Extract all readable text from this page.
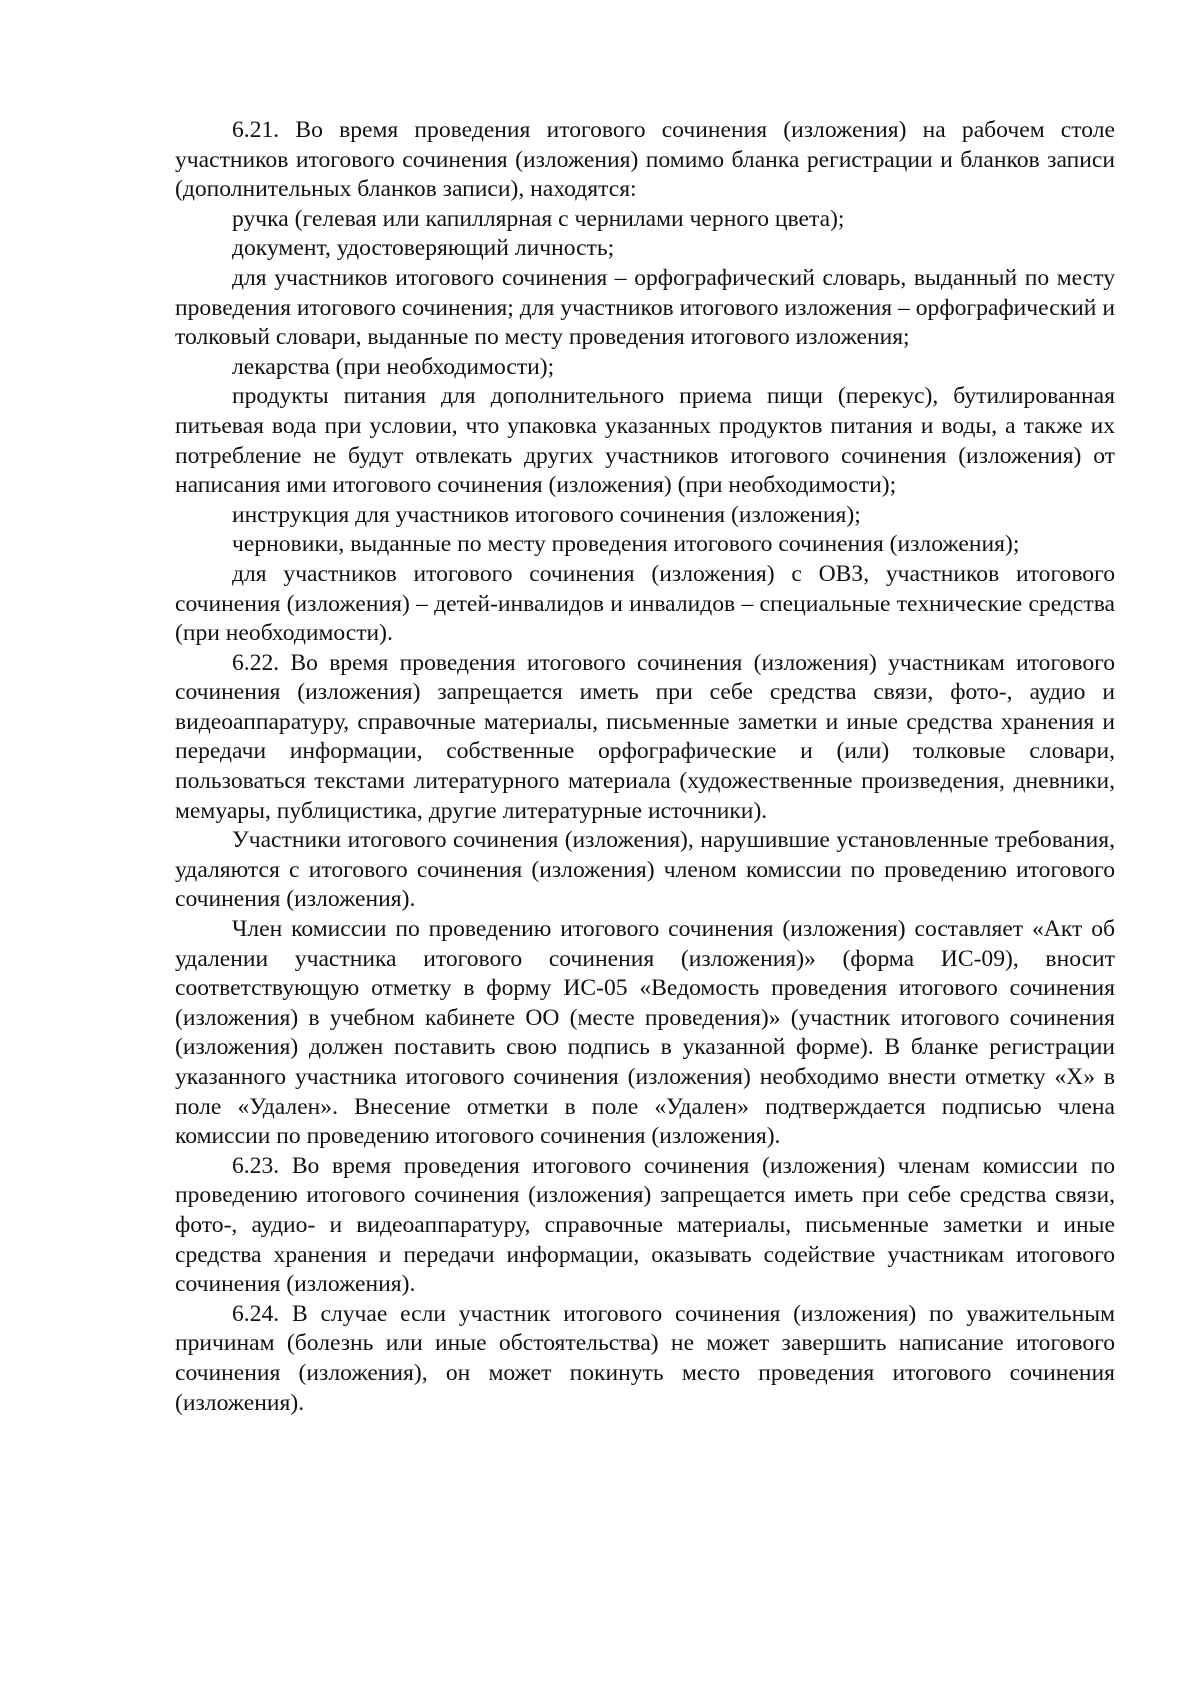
6.21. Во время проведения итогового сочинения (изложения) на рабочем столе участников итогового сочинения (изложения) помимо бланка регистрации и бланков записи (дополнительных бланков записи), находятся:

ручка (гелевая или капиллярная с чернилами черного цвета);

документ, удостоверяющий личность;

для участников итогового сочинения – орфографический словарь, выданный по месту проведения итогового сочинения; для участников итогового изложения – орфографический и толковый словари, выданные по месту проведения итогового изложения;

лекарства (при необходимости);

продукты питания для дополнительного приема пищи (перекус), бутилированная питьевая вода при условии, что упаковка указанных продуктов питания и воды, а также их потребление не будут отвлекать других участников итогового сочинения (изложения) от написания ими итогового сочинения (изложения) (при необходимости);

инструкция для участников итогового сочинения (изложения);

черновики, выданные по месту проведения итогового сочинения (изложения);

для участников итогового сочинения (изложения) с ОВЗ, участников итогового сочинения (изложения) – детей-инвалидов и инвалидов – специальные технические средства (при необходимости).

6.22. Во время проведения итогового сочинения (изложения) участникам итогового сочинения (изложения) запрещается иметь при себе средства связи, фото-, аудио и видеоаппаратуру, справочные материалы, письменные заметки и иные средства хранения и передачи информации, собственные орфографические и (или) толковые словари, пользоваться текстами литературного материала (художественные произведения, дневники, мемуары, публицистика, другие литературные источники).

Участники итогового сочинения (изложения), нарушившие установленные требования, удаляются с итогового сочинения (изложения) членом комиссии по проведению итогового сочинения (изложения).

Член комиссии по проведению итогового сочинения (изложения) составляет «Акт об удалении участника итогового сочинения (изложения)» (форма ИС-09), вносит соответствующую отметку в форму ИС-05 «Ведомость проведения итогового сочинения (изложения) в учебном кабинете ОО (месте проведения)» (участник итогового сочинения (изложения) должен поставить свою подпись в указанной форме). В бланке регистрации указанного участника итогового сочинения (изложения) необходимо внести отметку «Х» в поле «Удален». Внесение отметки в поле «Удален» подтверждается подписью члена комиссии по проведению итогового сочинения (изложения).

6.23. Во время проведения итогового сочинения (изложения) членам комиссии по проведению итогового сочинения (изложения) запрещается иметь при себе средства связи, фото-, аудио- и видеоаппаратуру, справочные материалы, письменные заметки и иные средства хранения и передачи информации, оказывать содействие участникам итогового сочинения (изложения).

6.24. В случае если участник итогового сочинения (изложения) по уважительным причинам (болезнь или иные обстоятельства) не может завершить написание итогового сочинения (изложения), он может покинуть место проведения итогового сочинения (изложения).
